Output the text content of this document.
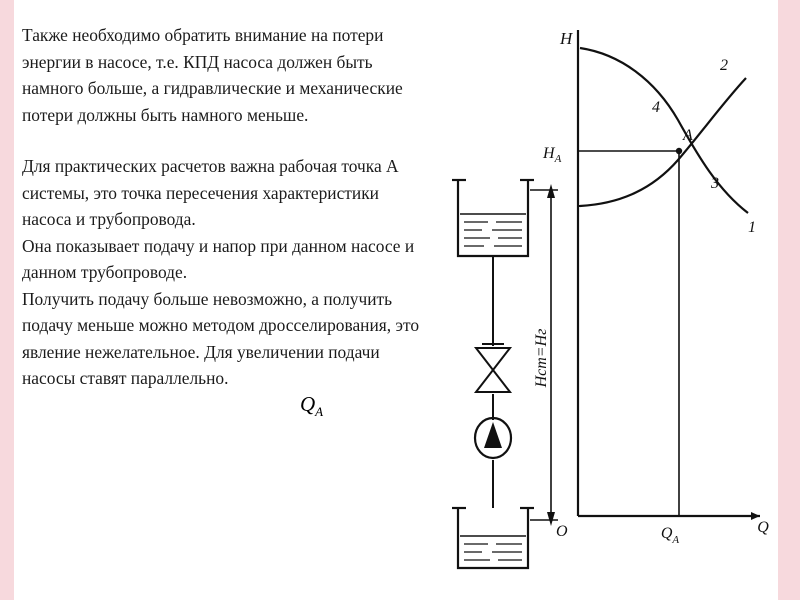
Также необходимо обратить внимание на потери энергии в насосе, т.е. КПД насоса должен быть намного больше, а гидравлические и механические потери должны быть намного меньше.

Для практических расчетов важна рабочая точка А системы, это точка пересечения характеристики насоса и трубопровода.

Она показывает подачу и напор при данном насосе и данном трубопроводе.

Получить подачу больше невозможно, а получить подачу меньше можно методом дросселирования, это явление нежелательное. Для увеличении подачи насосы ставят параллельно.

$Q_A$
H
$H_A$
$Q_A$
O	Q
A
2
1
4
3
Hст=Нг
